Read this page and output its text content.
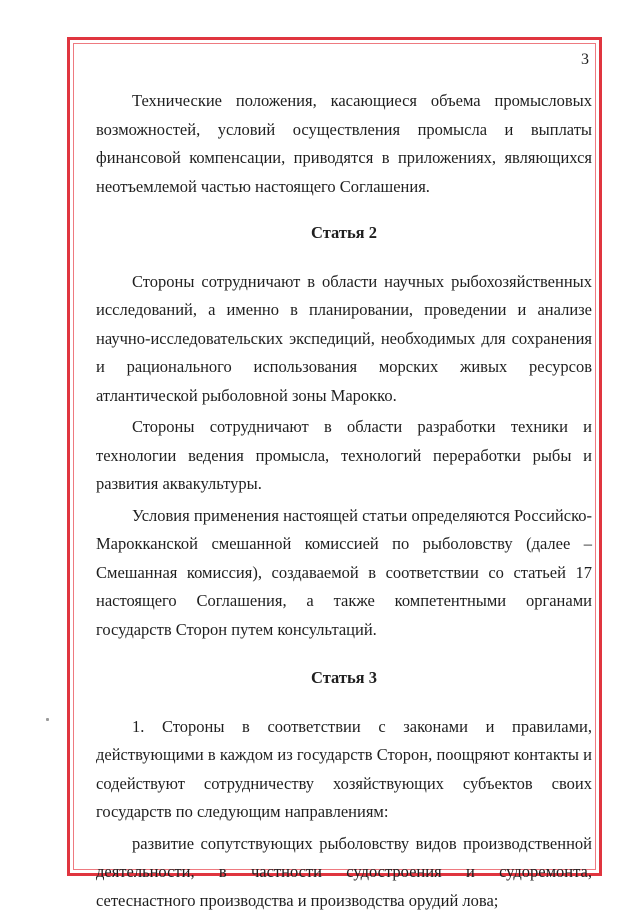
3

Технические положения, касающиеся объема промысловых возможностей, условий осуществления промысла и выплаты финансовой компенсации, приводятся в приложениях, являющихся неотъемлемой частью настоящего Соглашения.

Статья 2

Стороны сотрудничают в области научных рыбохозяйственных исследований, а именно в планировании, проведении и анализе научно-исследовательских экспедиций, необходимых для сохранения и рационального использования морских живых ресурсов атлантической рыболовной зоны Марокко.

Стороны сотрудничают в области разработки техники и технологии ведения промысла, технологий переработки рыбы и развития аквакультуры.

Условия применения настоящей статьи определяются Российско-Марокканской смешанной комиссией по рыболовству (далее – Смешанная комиссия), создаваемой в соответствии со статьей 17 настоящего Соглашения, а также компетентными органами государств Сторон путем консультаций.

Статья 3

1. Стороны в соответствии с законами и правилами, действующими в каждом из государств Сторон, поощряют контакты и содействуют сотрудничеству хозяйствующих субъектов своих государств по следующим направлениям:

развитие сопутствующих рыболовству видов производственной деятельности, в частности судостроения и судоремонта, сетеснастного производства и производства орудий лова;
